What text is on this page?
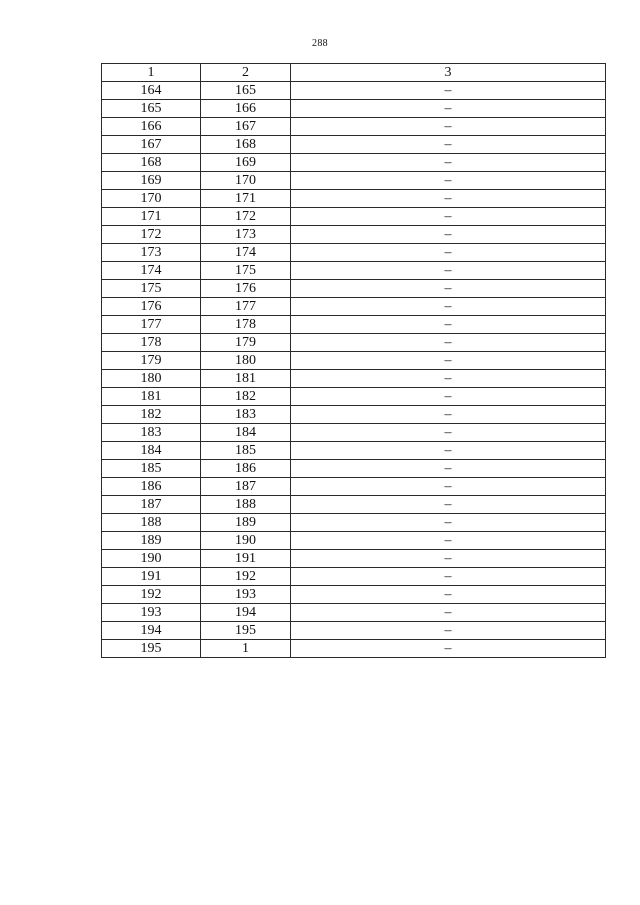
288
1	2	3
164	165	–
165	166	–
166	167	–
167	168	–
168	169	–
169	170	–
170	171	–
171	172	–
172	173	–
173	174	–
174	175	–
175	176	–
176	177	–
177	178	–
178	179	–
179	180	–
180	181	–
181	182	–
182	183	–
183	184	–
184	185	–
185	186	–
186	187	–
187	188	–
188	189	–
189	190	–
190	191	–
191	192	–
192	193	–
193	194	–
194	195	–
195	1	–
